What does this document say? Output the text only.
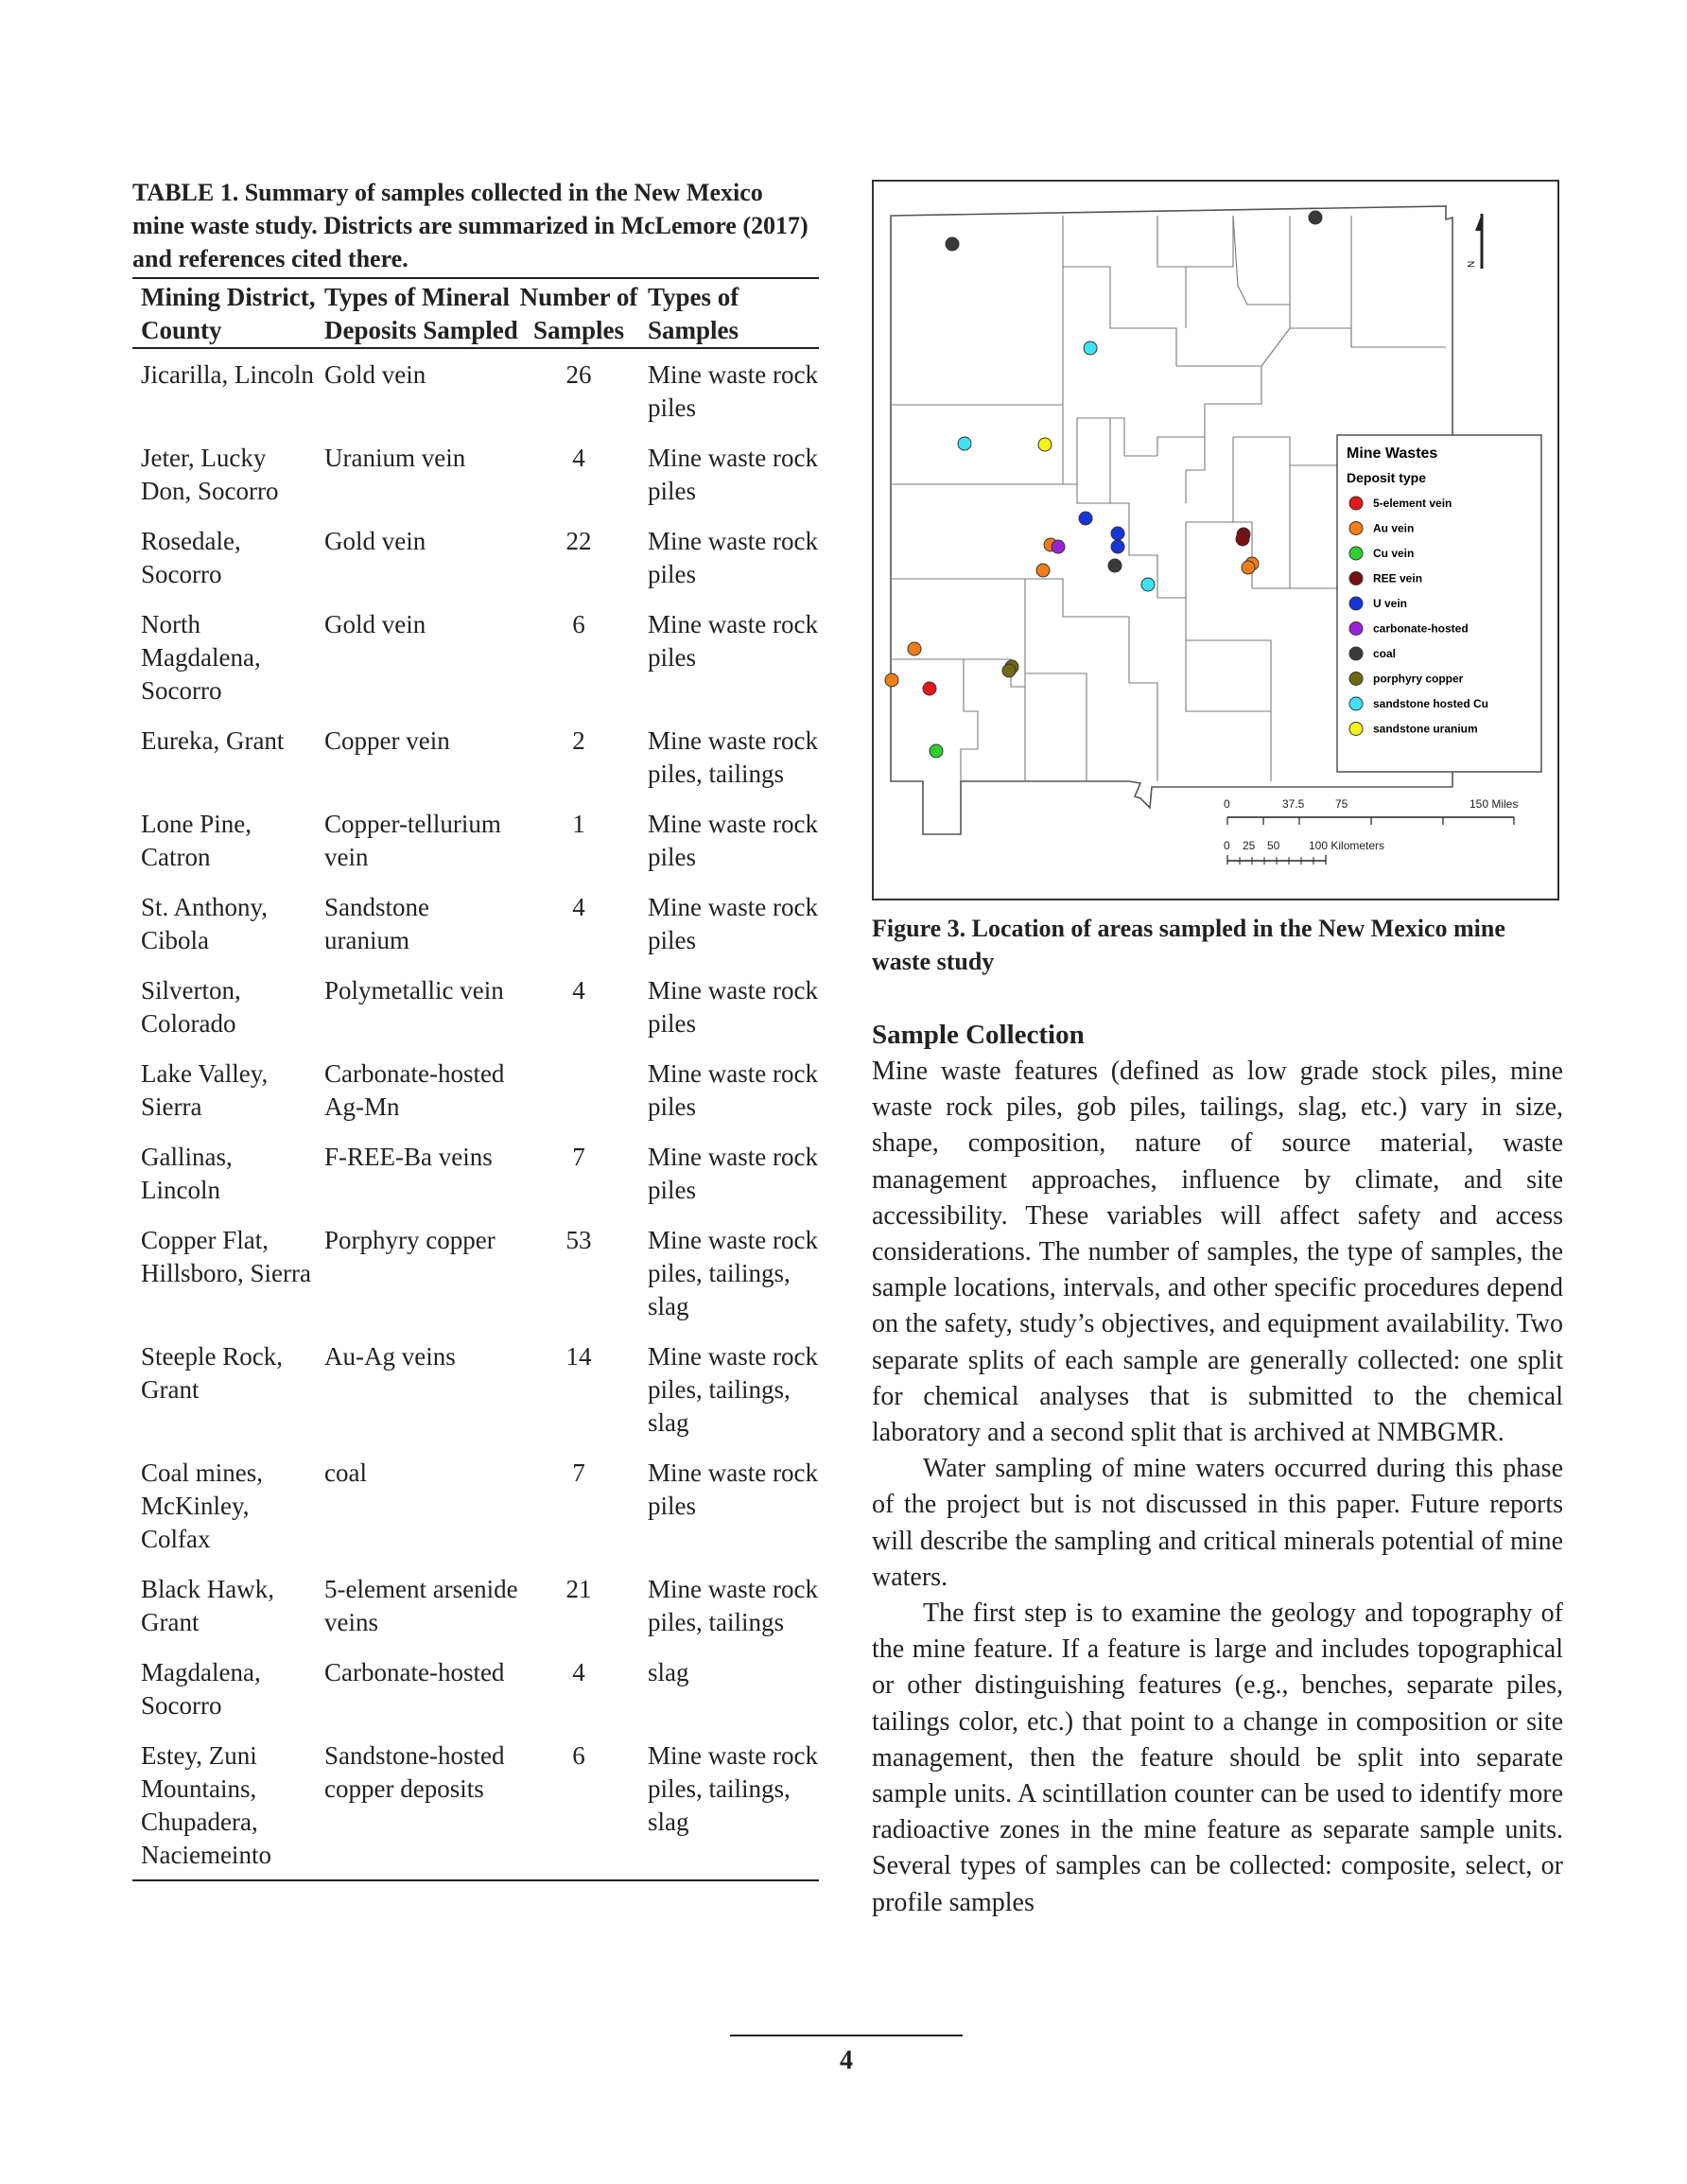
TABLE 1. Summary of samples collected in the New Mexico mine waste study. Districts are summarized in McLemore (2017) and references cited there.

Mining District, County	Types of Mineral Deposits Sampled	Number of Samples	Types of Samples
Jicarilla, Lincoln	Gold vein	26	Mine waste rock piles
Jeter, Lucky Don, Socorro	Uranium vein	4	Mine waste rock piles
Rosedale, Socorro	Gold vein	22	Mine waste rock piles
North Magdalena, Socorro	Gold vein	6	Mine waste rock piles
Eureka, Grant	Copper vein	2	Mine waste rock piles, tailings
Lone Pine, Catron	Copper-tellurium vein	1	Mine waste rock piles
St. Anthony, Cibola	Sandstone uranium	4	Mine waste rock piles
Silverton, Colorado	Polymetallic vein	4	Mine waste rock piles
Lake Valley, Sierra	Carbonate-hosted Ag-Mn		Mine waste rock piles
Gallinas, Lincoln	F-REE-Ba veins	7	Mine waste rock piles
Copper Flat, Hillsboro, Sierra	Porphyry copper	53	Mine waste rock piles, tailings, slag
Steeple Rock, Grant	Au-Ag veins	14	Mine waste rock piles, tailings, slag
Coal mines, McKinley, Colfax	coal	7	Mine waste rock piles
Black Hawk, Grant	5-element arsenide veins	21	Mine waste rock piles, tailings
Magdalena, Socorro	Carbonate-hosted	4	slag
Estey, Zuni Mountains, Chupadera, Naciemeinto	Sandstone-hosted copper deposits	6	Mine waste rock piles, tailings, slag
N
Mine Wastes
Deposit type
5-element vein
Au vein
Cu vein
REE vein
U vein
carbonate-hosted
coal
porphyry copper
sandstone hosted Cu
sandstone uranium
0	37.5	75	150 Miles
0 25 50	100 Kilometers

Figure 3. Location of areas sampled in the New Mexico mine waste study

Sample Collection

Mine waste features (defined as low grade stock piles, mine waste rock piles, gob piles, tailings, slag, etc.) vary in size, shape, composition, nature of source material, waste management approaches, influence by climate, and site accessibility. These variables will affect safety and access considerations. The number of samples, the type of samples, the sample locations, intervals, and other specific procedures depend on the safety, study’s objectives, and equipment availability. Two separate splits of each sample are generally collected: one split for chemical analyses that is submitted to the chemical laboratory and a second split that is archived at NMBGMR.

Water sampling of mine waters occurred during this phase of the project but is not discussed in this paper. Future reports will describe the sampling and critical minerals potential of mine waters.

The first step is to examine the geology and topography of the mine feature. If a feature is large and includes topographical or other distinguishing features (e.g., benches, separate piles, tailings color, etc.) that point to a change in composition or site management, then the feature should be split into separate sample units. A scintillation counter can be used to identify more radioactive zones in the mine feature as separate sample units. Several types of samples can be collected: composite, select, or profile samples

4
